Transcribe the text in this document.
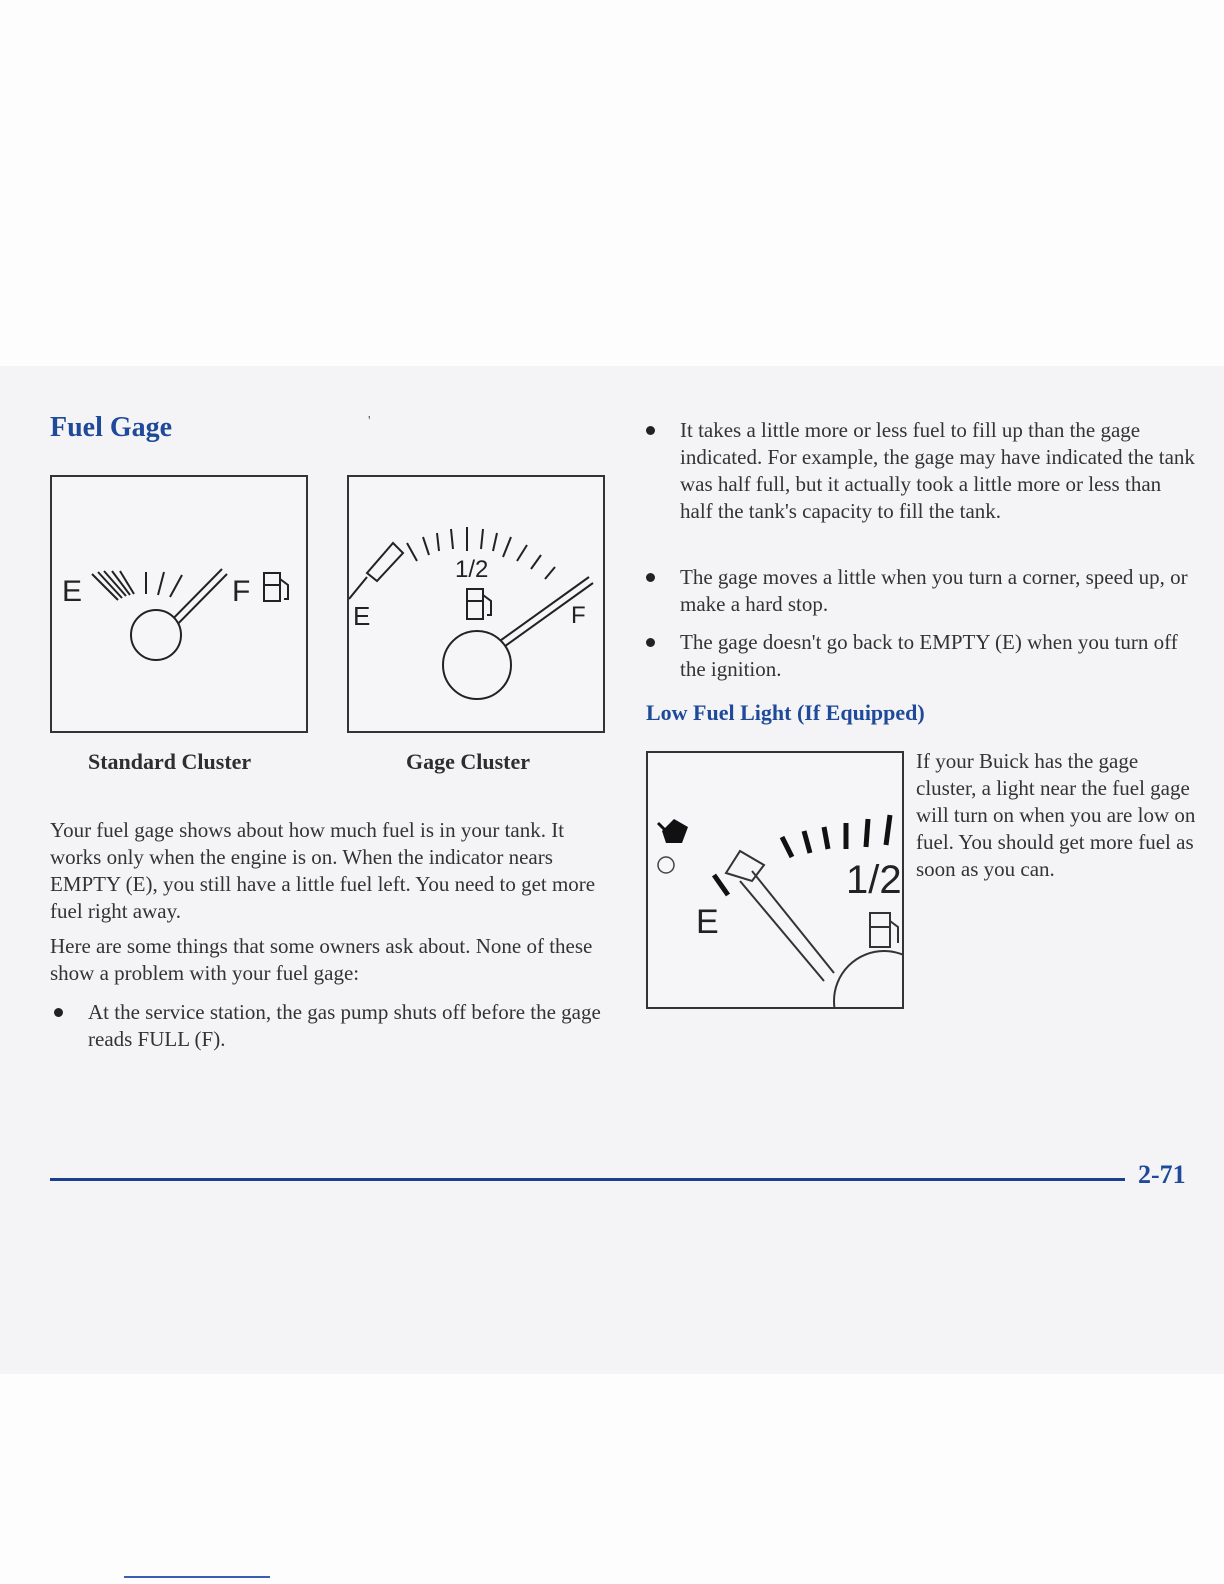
Fuel Gage	'
E	F
E
1/2
F
Standard Cluster	Gage Cluster

Your fuel gage shows about how much fuel is in your tank. It works only when the engine is on. When the indicator nears EMPTY (E), you still have a little fuel left. You need to get more fuel right away.

Here are some things that some owners ask about. None of these show a problem with your fuel gage:

At the service station, the gas pump shuts off before the gage reads FULL (F).
It takes a little more or less fuel to fill up than the gage indicated. For example, the gage may have indicated the tank was half full, but it actually took a little more or less than half the tank's capacity to fill the tank.
The gage moves a little when you turn a corner, speed up, or make a hard stop.
The gage doesn't go back to EMPTY (E) when you turn off the ignition.
Low Fuel Light (If Equipped)
E
1/2

If your Buick has the gage cluster, a light near the fuel gage will turn on when you are low on fuel. You should get more fuel as soon as you can.

2-71
